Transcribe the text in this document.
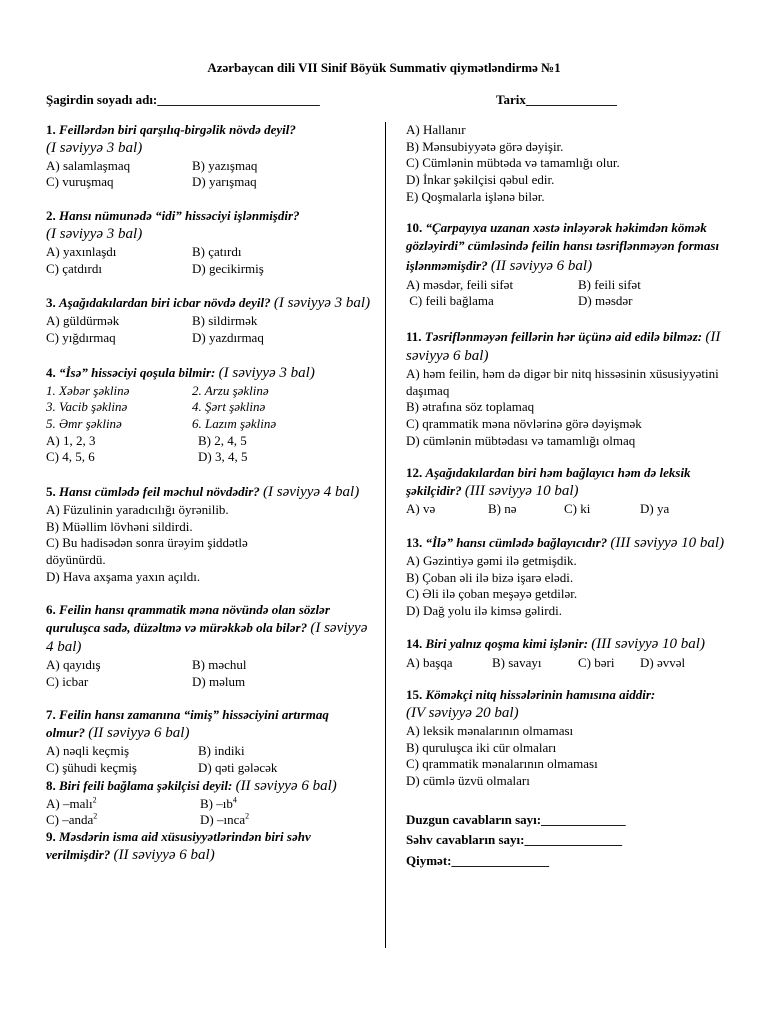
Azərbaycan dili VII Sinif Böyük Summativ qiymətləndirmə №1
Şagirdin soyadı adı:_________________________	Tarix______________
1. Feillərdən biri qarşılıq-birgəlik növdə deyil?
(I səviyyə 3 bal)
A) salamlaşmaq	B) yazışmaq
C) vuruşmaq	D) yarışmaq
2. Hansı nümunədə “idi” hissəciyi işlənmişdir?
(I səviyyə 3 bal)
A) yaxınlaşdı	B) çatırdı
C) çatdırdı	D) gecikirmiş
3. Aşağıdakılardan biri icbar növdə deyil? (I səviyyə 3 bal)
A) güldürmək	B) sildirmək
C) yığdırmaq	D) yazdırmaq
4. “İsə” hissəciyi qoşula bilmir: (I səviyyə 3 bal)
1. Xəbər şəklinə	2. Arzu şəklinə
3. Vacib şəklinə	4. Şərt şəklinə
5. Əmr şəklinə	6. Lazım şəklinə
A) 1, 2, 3	B) 2, 4, 5
C) 4, 5, 6	D) 3, 4, 5
5. Hansı cümlədə feil məchul növdədir? (I səviyyə 4 bal)
A) Füzulinin yaradıcılığı öyrənilib.
B) Müəllim lövhəni sildirdi.
C) Bu hadisədən sonra ürəyim şiddətlə döyünürdü.
D) Hava axşama yaxın açıldı.
6. Feilin hansı qrammatik məna növündə olan sözlər quruluşca sadə, düzəltmə və mürəkkəb ola bilər? (I səviyyə 4 bal)
A) qayıdış	B) məchul
C) icbar	D) məlum
7. Feilin hansı zamanına “imiş” hissəciyini artırmaq olmur? (II səviyyə 6 bal)
A) nəqli keçmiş	B) indiki
C) şühudi keçmiş	D) qəti gələcək
8. Biri feili bağlama şəkilçisi deyil: (II səviyyə 6 bal)
A) –malı$^2$	B) $-ıb^4$
C) –anda$^2$	D) –ınca$^2$
9. Məsdərin isma aid xüsusiyyətlərindən biri səhv verilmişdir? (II səviyyə 6 bal)
A) Hallanır
B) Mənsubiyyətə görə dəyişir.
C) Cümlənin mübtəda və tamamlığı olur.
D) İnkar şəkilçisi qəbul edir.
E) Qoşmalarla işlənə bilər.
10. “Çarpayıya uzanan xəstə inləyərək həkimdən kömək gözləyirdi” cümləsində feilin hansı təsriflənməyən forması işlənməmişdir? (II səviyyə 6 bal)
A) məsdər, feili sifət	B) feili sifət
C) feili bağlama	D) məsdər
11. Təsriflənməyən feillərin hər üçünə aid edilə bilməz: (II səviyyə 6 bal)
A) həm feilin, həm də digər bir nitq hissəsinin xüsusiyyətini daşımaq
B) ətrafına söz toplamaq
C) qrammatik məna növlərinə görə dəyişmək
D) cümlənin mübtədası və tamamlığı olmaq
12. Aşağıdakılardan biri həm bağlayıcı həm də leksik şəkilçidir? (III səviyyə 10 bal)
A) və	B) nə	C) ki	D) ya
13. “İlə” hansı cümlədə bağlayıcıdır? (III səviyyə 10 bal)
A) Gəzintiyə gəmi ilə getmişdik.
B) Çoban əli ilə bizə işarə elədi.
C) Əli ilə çoban meşəyə getdilər.
D) Dağ yolu ilə kimsə gəlirdi.
14. Biri yalnız qoşma kimi işlənir: (III səviyyə 10 bal)
A) başqa	B) savayı	C) bəri	D) əvvəl
15. Köməkçi nitq hissələrinin hamısına aiddir:
(IV səviyyə 20 bal)
A) leksik mənalarının olmaması
B) quruluşca iki cür olmaları
C) qrammatik mənalarının olmaması
D) cümlə üzvü olmaları
Duzgun cavabların sayı:_____________
Səhv cavabların sayı:_______________
Qiymət:_______________
